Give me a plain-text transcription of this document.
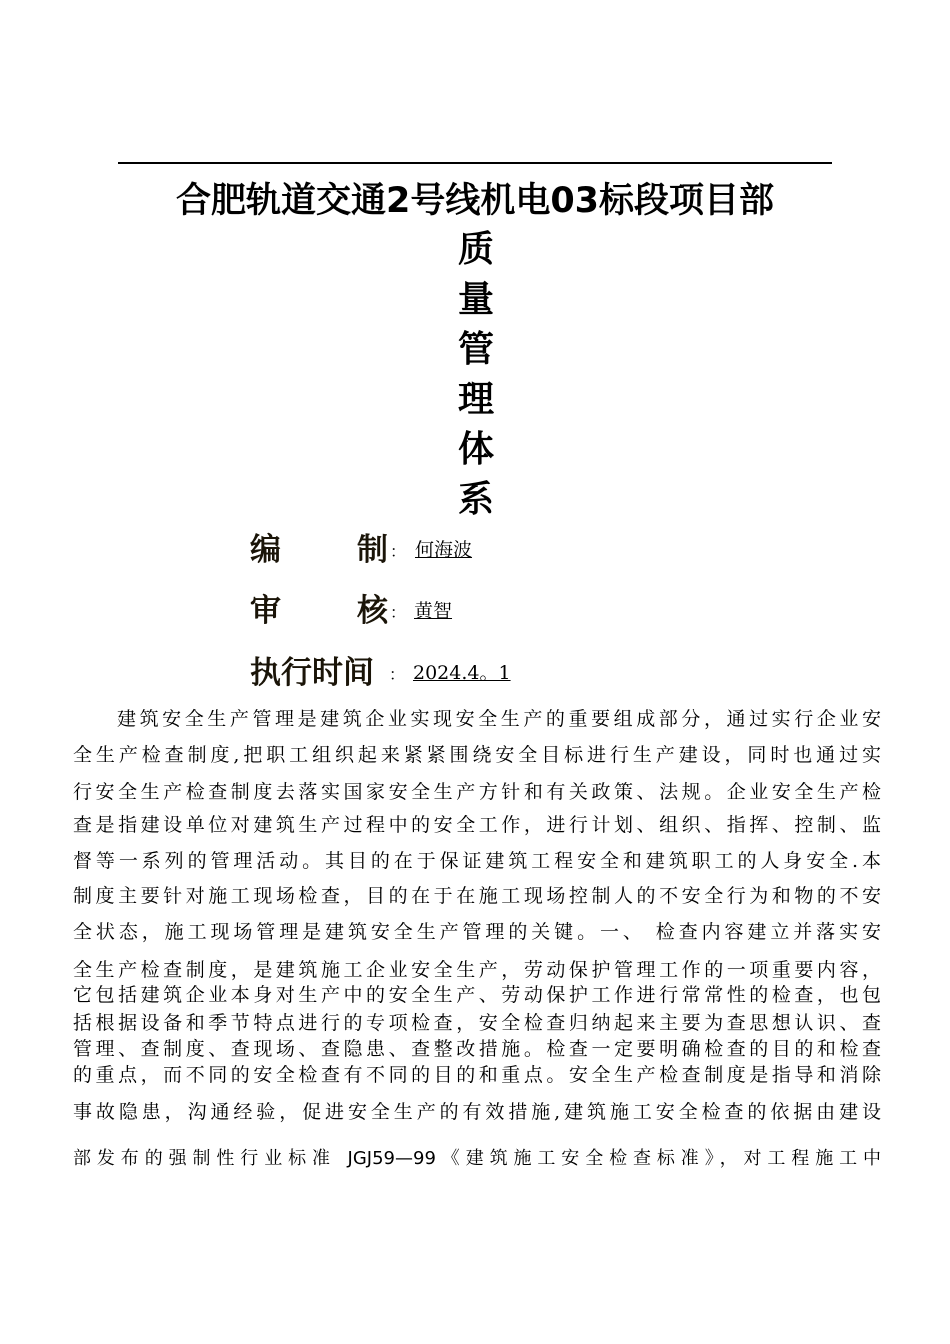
合肥轨道交通2号线机电03标段项目部
质
量
管
理
体
系
编 制 ： 何海波
审 核 ： 黄智
执行时间 ： 2024.4。1
建筑安全生产管理是建筑企业实现安全生产的重要组成部分，通过实行企业安
全生产检查制度,把职工组织起来紧紧围绕安全目标进行生产建设，同时也通过实
行安全生产检查制度去落实国家安全生产方针和有关政策、法规。企业安全生产检
查是指建设单位对建筑生产过程中的安全工作，进行计划、组织、指挥、控制、监
督等一系列的管理活动。其目的在于保证建筑工程安全和建筑职工的人身安全.本
制度主要针对施工现场检查，目的在于在施工现场控制人的不安全行为和物的不安
全状态，施工现场管理是建筑安全生产管理的关键。一、 检查内容建立并落实安
全生产检查制度，是建筑施工企业安全生产，劳动保护管理工作的一项重要内容，
它包括建筑企业本身对生产中的安全生产、劳动保护工作进行常常性的检查，也包
括根据设备和季节特点进行的专项检查，安全检查归纳起来主要为查思想认识、查
管理、查制度、查现场、查隐患、查整改措施。检查一定要明确检查的目的和检查
的重点，而不同的安全检查有不同的目的和重点。安全生产检查制度是指导和消除
事故隐患，沟通经验，促进安全生产的有效措施,建筑施工安全检查的依据由建设
部发布的强制性行业标准 JGJ59—99《建筑施工安全检查标准》，对工程施工中
